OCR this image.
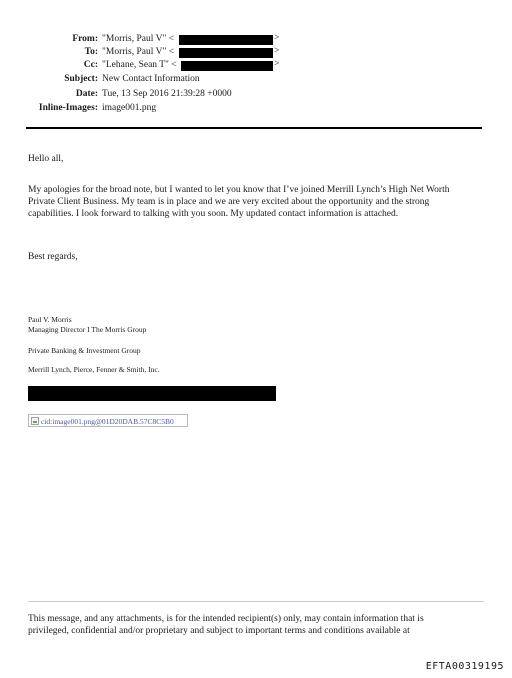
From: "Morris, Paul V" <	>
To: "Morris, Paul V" <	>
Cc: "Lehane, Sean T" <	>
Subject: New Contact Information
Date: Tue, 13 Sep 2016 21:39:28 +0000
Inline-Images: image001.png
Hello all,
My apologies for the broad note, but I wanted to let you know that I’ve joined Merrill Lynch’s High Net Worth
Private Client Business. My team is in place and we are very excited about the opportunity and the strong
capabilities. I look forward to talking with you soon. My updated contact information is attached.
Best regards,
Paul V. Morris
Managing Director I The Morris Group
Private Banking & Investment Group
Merrill Lynch, Pierce, Fenner & Smith, Inc.
cid:image001.png@01D20DAB.57C8C5B0
This message, and any attachments, is for the intended recipient(s) only, may contain information that is
privileged, confidential and/or proprietary and subject to important terms and conditions available at
EFTA00319195
